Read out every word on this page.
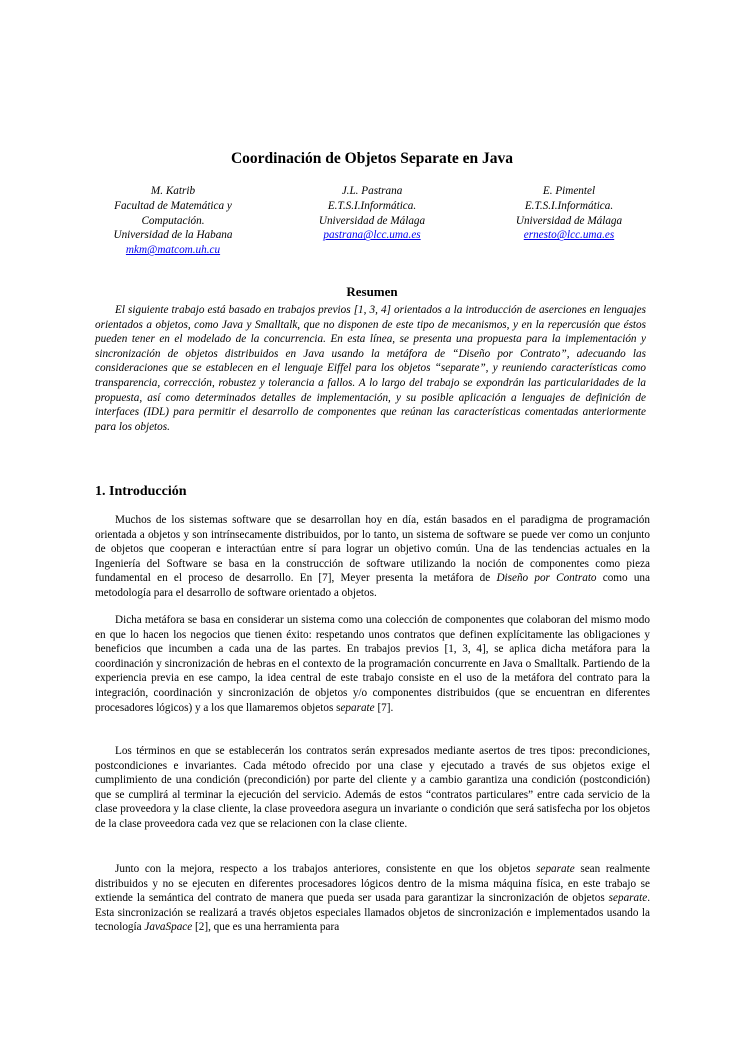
Coordinación de Objetos Separate en Java
M. Katrib
Facultad de Matemática y
Computación.
Universidad de la Habana
mkm@matcom.uh.cu
J.L. Pastrana
E.T.S.I.Informática.
Universidad de Málaga
pastrana@lcc.uma.es
E. Pimentel
E.T.S.I.Informática.
Universidad de Málaga
ernesto@lcc.uma.es
Resumen

El siguiente trabajo está basado en trabajos previos [1, 3, 4] orientados a la introducción de aserciones en lenguajes orientados a objetos, como Java y Smalltalk, que no disponen de este tipo de mecanismos, y en la repercusión que éstos pueden tener en el modelado de la concurrencia. En esta línea, se presenta una propuesta para la implementación y sincronización de objetos distribuidos en Java usando la metáfora de “Diseño por Contrato”, adecuando las consideraciones que se establecen en el lenguaje Eiffel para los objetos “separate”, y reuniendo características como transparencia, corrección, robustez y tolerancia a fallos. A lo largo del trabajo se expondrán las particularidades de la propuesta, así como determinados detalles de implementación, y su posible aplicación a lenguajes de definición de interfaces (IDL) para permitir el desarrollo de componentes que reúnan las características comentadas anteriormente para los objetos.

1. Introducción

Muchos de los sistemas software que se desarrollan hoy en día, están basados en el paradigma de programación orientada a objetos y son intrínsecamente distribuidos, por lo tanto, un sistema de software se puede ver como un conjunto de objetos que cooperan e interactúan entre sí para lograr un objetivo común. Una de las tendencias actuales en la Ingeniería del Software se basa en la construcción de software utilizando la noción de componentes como pieza fundamental en el proceso de desarrollo. En [7], Meyer presenta la metáfora de Diseño por Contrato como una metodología para el desarrollo de software orientado a objetos.

Dicha metáfora se basa en considerar un sistema como una colección de componentes que colaboran del mismo modo en que lo hacen los negocios que tienen éxito: respetando unos contratos que definen explícitamente las obligaciones y beneficios que incumben a cada una de las partes. En trabajos previos [1, 3, 4], se aplica dicha metáfora para la coordinación y sincronización de hebras en el contexto de la programación concurrente en Java o Smalltalk. Partiendo de la experiencia previa en ese campo, la idea central de este trabajo consiste en el uso de la metáfora del contrato para la integración, coordinación y sincronización de objetos y/o componentes distribuidos (que se encuentran en diferentes procesadores lógicos) y a los que llamaremos objetos separate [7].

Los términos en que se establecerán los contratos serán expresados mediante asertos de tres tipos: precondiciones, postcondiciones e invariantes. Cada método ofrecido por una clase y ejecutado a través de sus objetos exige el cumplimiento de una condición (precondición) por parte del cliente y a cambio garantiza una condición (postcondición) que se cumplirá al terminar la ejecución del servicio. Además de estos “contratos particulares” entre cada servicio de la clase proveedora y la clase cliente, la clase proveedora asegura un invariante o condición que será satisfecha por los objetos de la clase proveedora cada vez que se relacionen con la clase cliente.

Junto con la mejora, respecto a los trabajos anteriores, consistente en que los objetos separate sean realmente distribuidos y no se ejecuten en diferentes procesadores lógicos dentro de la misma máquina física, en este trabajo se extiende la semántica del contrato de manera que pueda ser usada para garantizar la sincronización de objetos separate. Esta sincronización se realizará a través objetos especiales llamados objetos de sincronización e implementados usando la tecnología JavaSpace [2], que es una herramienta para
